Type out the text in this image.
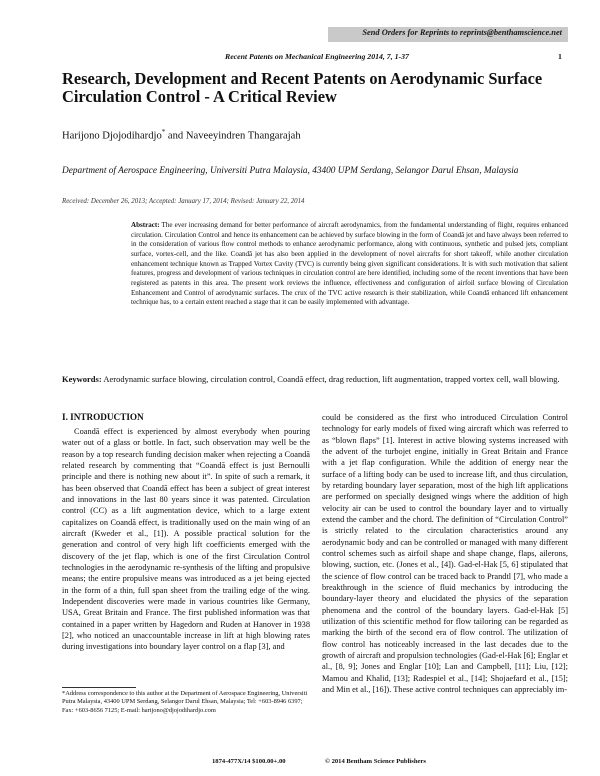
Send Orders for Reprints to reprints@benthamscience.net
Recent Patents on Mechanical Engineering 2014, 7, 1-37	1
Research, Development and Recent Patents on Aerodynamic Surface Circulation Control - A Critical Review
Harijono Djojodihardjo* and Naveeyindren Thangarajah
Department of Aerospace Engineering, Universiti Putra Malaysia, 43400 UPM Serdang, Selangor Darul Ehsan, Malaysia
Received: December 26, 2013; Accepted: January 17, 2014; Revised: January 22, 2014
Abstract: The ever increasing demand for better performance of aircraft aerodynamics, from the fundamental understanding of flight, requires enhanced circulation. Circulation Control and hence its enhancement can be achieved by surface blowing in the form of Coandă jet and have always been referred to in the consideration of various flow control methods to enhance aerodynamic performance, along with continuous, synthetic and pulsed jets, compliant surface, vortex-cell, and the like. Coandă jet has also been applied in the development of novel aircrafts for short takeoff, while another circulation enhancement technique known as Trapped Vortex Cavity (TVC) is currently being given significant considerations. It is with such motivation that salient features, progress and development of various techniques in circulation control are here identified, including some of the recent inventions that have been registered as patents in this area. The present work reviews the influence, effectiveness and configuration of airfoil surface blowing of Circulation Enhancement and Control of aerodynamic surfaces. The crux of the TVC active research is their stabilization, while Coandă enhanced lift enhancement technique has, to a certain extent reached a stage that it can be easily implemented with advantage.
Keywords: Aerodynamic surface blowing, circulation control, Coandă effect, drag reduction, lift augmentation, trapped vortex cell, wall blowing.
I. INTRODUCTION

Coandă effect is experienced by almost everybody when pouring water out of a glass or bottle. In fact, such observation may well be the reason by a top research funding decision maker when rejecting a Coandă related research by commenting that “Coandă effect is just Bernoulli principle and there is nothing new about it”. In spite of such a remark, it has been observed that Coandă effect has been a subject of great interest and innovations in the last 80 years since it was patented. Circulation control (CC) as a lift augmentation device, which to a large extent capitalizes on Coandă effect, is traditionally used on the main wing of an aircraft (Kweder et al., [1]). A possible practical solution for the generation and control of very high lift coefficients emerged with the discovery of the jet flap, which is one of the first Circulation Control technologies in the aerodynamic re-synthesis of the lifting and propulsive means; the entire propulsive means was introduced as a jet being ejected in the form of a thin, full span sheet from the trailing edge of the wing. Independent discoveries were made in various countries like Germany, USA, Great Britain and France. The first published information was that contained in a paper written by Hagedorn and Ruden at Hanover in 1938 [2], who noticed an unaccountable increase in lift at high blowing rates during investigations into boundary layer control on a flap [3], and

could be considered as the first who introduced Circulation Control technology for early models of fixed wing aircraft which was referred to as “blown flaps” [1]. Interest in active blowing systems increased with the advent of the turbojet engine, initially in Great Britain and France with a jet flap configuration. While the addition of energy near the surface of a lifting body can be used to increase lift, and thus circulation, by retarding boundary layer separation, most of the high lift applications are performed on specially designed wings where the addition of high velocity air can be used to control the boundary layer and to virtually extend the camber and the chord. The definition of “Circulation Control” is strictly related to the circulation characteristics around any aerodynamic body and can be controlled or managed with many different control schemes such as airfoil shape and shape change, flaps, ailerons, blowing, suction, etc. (Jones et al., [4]). Gad-el-Hak [5, 6] stipulated that the science of flow control can be traced back to Prandtl [7], who made a breakthrough in the science of fluid mechanics by introducing the boundary-layer theory and elucidated the physics of the separation phenomena and the control of the boundary layers. Gad-el-Hak [5] utilization of this scientific method for flow tailoring can be regarded as marking the birth of the second era of flow control. The utilization of flow control has noticeably increased in the last decades due to the growth of aircraft and propulsion technologies (Gad-el-Hak [6]; Englar et al., [8, 9]; Jones and Englar [10]; Lan and Campbell, [11]; Liu, [12]; Mamou and Khalid, [13]; Radespiel et al., [14]; Shojaefard et al., [15]; and Min et al., [16]). These active control techniques can appreciably im-

*Address correspondence to this author at the Department of Aerospace Engineering, Universiti Putra Malaysia, 43400 UPM Serdang, Selangor Darul Ehsan, Malaysia; Tel: +603-8946 6397; Fax: +603-8656 7125; E-mail: harijono@djojodihardjo.com
1874-477X/14 $100.00+.00	© 2014 Bentham Science Publishers
